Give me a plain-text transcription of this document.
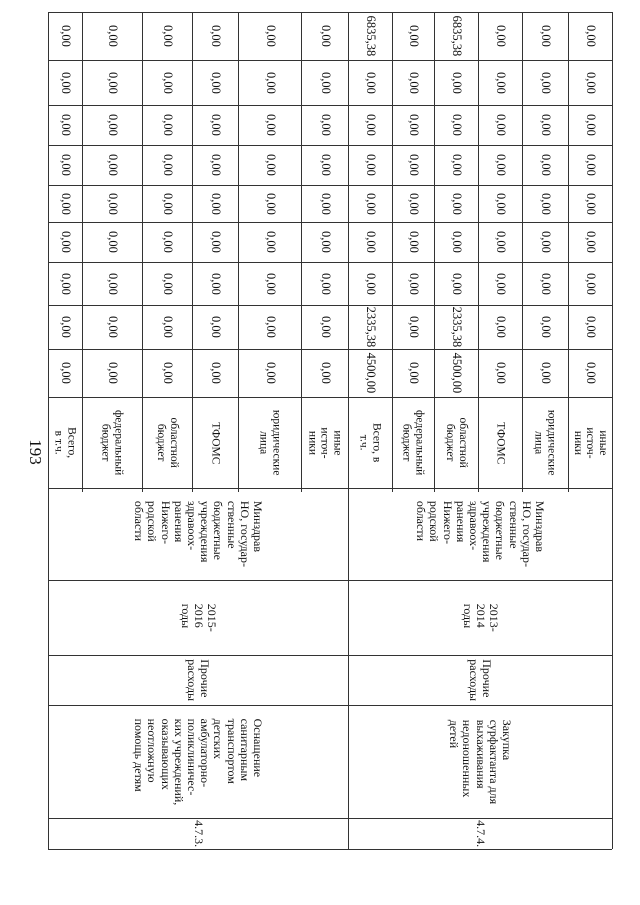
193
Минздрав
НО, государ-
ственные
бюджетные
учреждения
здравоох-
ранения
Нижего-
родской
области
2015-
2016
годы
Прочие
расходы
Оснащение
санитарным
транспортом
детских
амбулаторно-
поликлиничес-
ких учреждений,
оказывающих
неотложную
помощь детям
4.7.3.
Всего, в т.ч.
0,00
0,00
0,00
0,00
0,00
0,00
0,00
0,00
0,00
федеральный
бюджет
0,00
0,00
0,00
0,00
0,00
0,00
0,00
0,00
0,00
областной
бюджет
0,00
0,00
0,00
0,00
0,00
0,00
0,00
0,00
0,00
ТФОМС
0,00
0,00
0,00
0,00
0,00
0,00
0,00
0,00
0,00
юридические
лица
0,00
0,00
0,00
0,00
0,00
0,00
0,00
0,00
0,00
иные источ-
ники
0,00
0,00
0,00
0,00
0,00
0,00
0,00
0,00
0,00
Минздрав
НО, государ-
ственные
бюджетные
учреждения
здравоох-
ранения
Нижего-
родской
области
2013-
2014
годы
Прочие
расходы
Закупка
сурфактанта для
выхаживания
недоношенных
детей
4.7.4.
Всего, в т.ч.
6835,38
0,00
0,00
0,00
0,00
0,00
0,00
2335,38
4500,00
федеральный
бюджет
0,00
0,00
0,00
0,00
0,00
0,00
0,00
0,00
0,00
областной
бюджет
6835,38
0,00
0,00
0,00
0,00
0,00
0,00
2335,38
4500,00
ТФОМС
0,00
0,00
0,00
0,00
0,00
0,00
0,00
0,00
0,00
юридические
лица
0,00
0,00
0,00
0,00
0,00
0,00
0,00
0,00
0,00
иные источ-
ники
0,00
0,00
0,00
0,00
0,00
0,00
0,00
0,00
0,00
